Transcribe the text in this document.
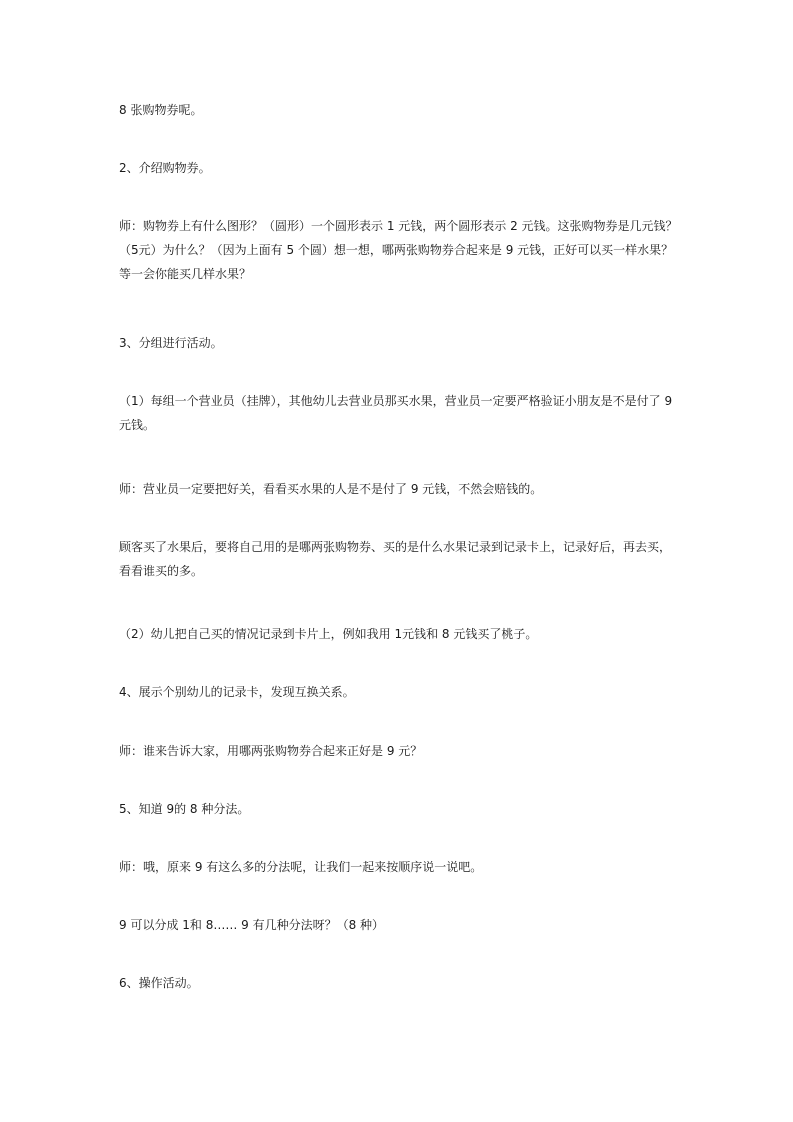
8 张购物券呢。

2、介绍购物券。

师：购物券上有什么图形？（圆形）一个圆形表示 1 元钱，两个圆形表示 2 元钱。这张购物券是几元钱？
（5元）为什么？（因为上面有 5 个圆）想一想，哪两张购物券合起来是 9 元钱，正好可以买一样水果？
等一会你能买几样水果？

3、分组进行活动。

（1）每组一个营业员（挂牌），其他幼儿去营业员那买水果，营业员一定要严格验证小朋友是不是付了 9
元钱。

师：营业员一定要把好关，看看买水果的人是不是付了 9 元钱，不然会赔钱的。

顾客买了水果后，要将自己用的是哪两张购物券、买的是什么水果记录到记录卡上，记录好后，再去买，
看看谁买的多。

（2）幼儿把自己买的情况记录到卡片上，例如我用 1元钱和 8 元钱买了桃子。

4、展示个别幼儿的记录卡，发现互换关系。

师：谁来告诉大家，用哪两张购物券合起来正好是 9 元？

5、知道 9的 8 种分法。

师：哦，原来 9 有这么多的分法呢，让我们一起来按顺序说一说吧。

9 可以分成 1和 8…… 9 有几种分法呀？（8 种）

6、操作活动。
